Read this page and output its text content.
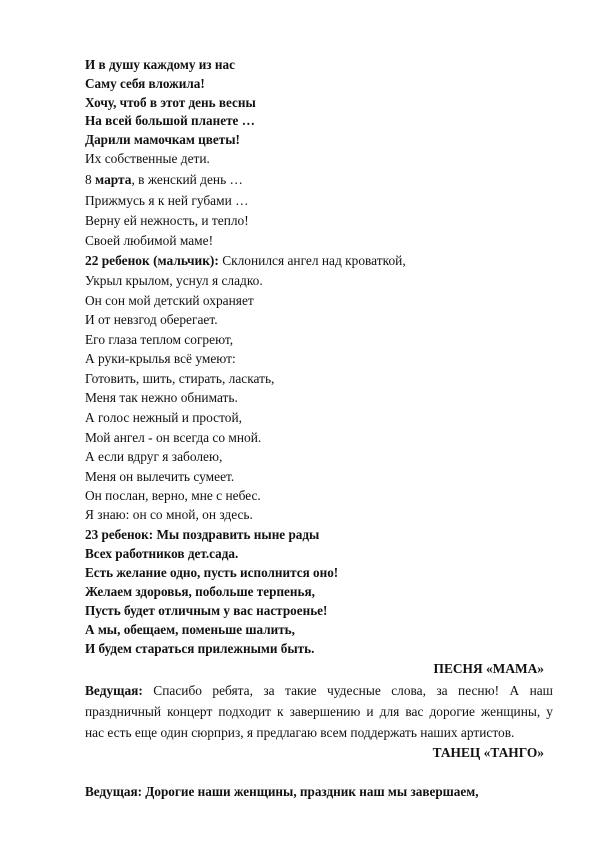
И в душу каждому из нас
Саму себя вложила!
Хочу, чтоб в этот день весны
На всей большой планете …
Дарили мамочкам цветы!
Их собственные дети.
8 марта, в женский день …
Прижмусь я к ней губами …
Верну ей нежность, и тепло!
Своей любимой маме!
22 ребенок (мальчик): Склонился ангел над кроваткой,
Укрыл крылом, уснул я сладко.
Он сон мой детский охраняет
И от невзгод оберегает.
Его глаза теплом согреют,
А руки-крылья всё умеют:
Готовить, шить, стирать, ласкать,
Меня так нежно обнимать.
А голос нежный и простой,
Мой ангел - он всегда со мной.
А если вдруг я заболею,
Меня он вылечить сумеет.
Он послан, верно, мне с небес.
Я знаю: он со мной, он здесь.
23 ребенок: Мы поздравить ныне рады
Всех работников дет.сада.
Есть желание одно, пусть исполнится оно!
Желаем здоровья, побольше терпенья,
Пусть будет отличным у вас настроенье!
А мы, обещаем, поменьше шалить,
И будем стараться прилежными быть.
ПЕСНЯ «МАМА»
Ведущая: Спасибо ребята, за такие чудесные слова, за песню! А наш
праздничный концерт подходит к завершению и для вас дорогие женщины, у
нас есть еще один сюрприз, я предлагаю всем поддержать наших артистов.
ТАНЕЦ «ТАНГО»
Ведущая: Дорогие наши женщины, праздник наш мы завершаем,
